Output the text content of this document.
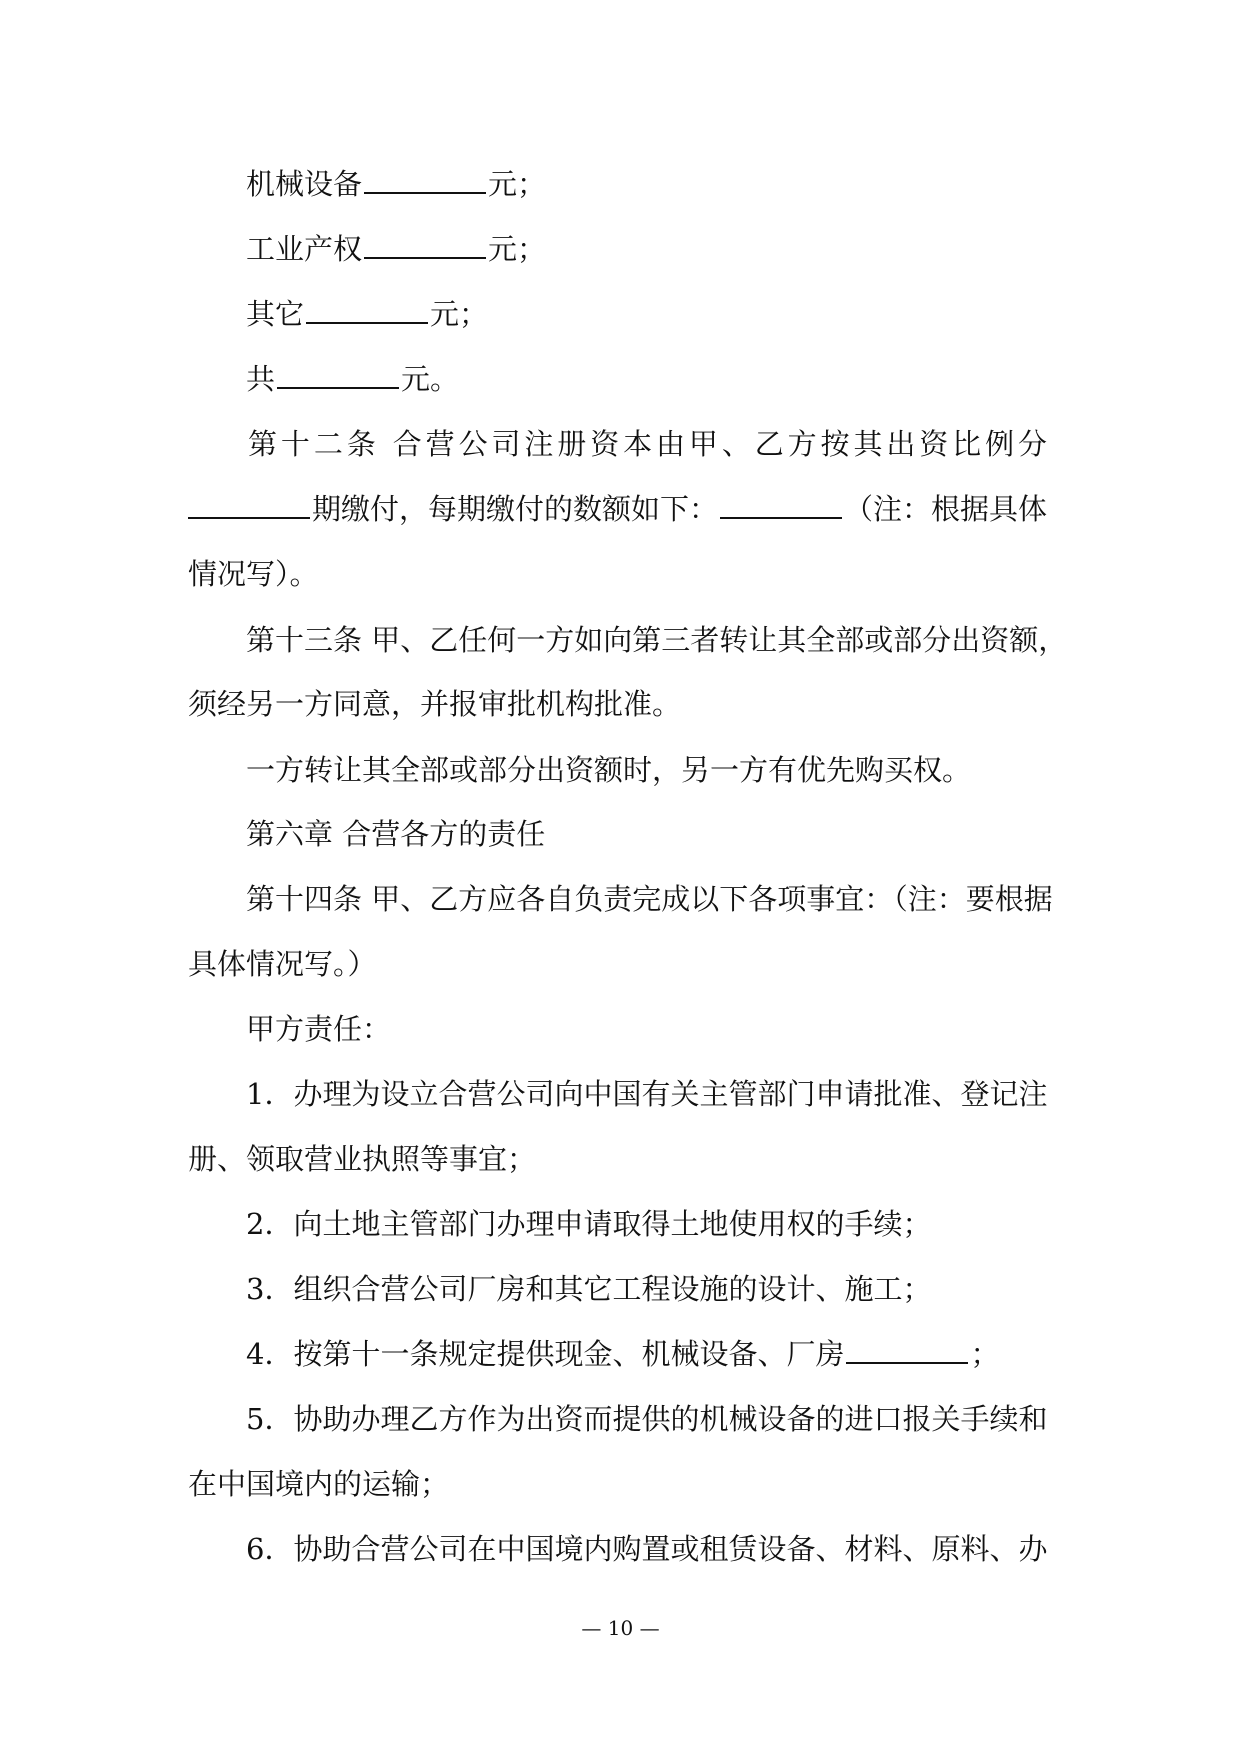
机械设备	元；
工业产权	元；
其它	元；
共	元。
第十二条 合营公司注册资本由甲、乙方按其出资比例分
期缴付，每期缴付的数额如下：	（注：根据具体
情况写）。
第十三条 甲、乙任何一方如向第三者转让其全部或部分出资额，
须经另一方同意，并报审批机构批准。
一方转让其全部或部分出资额时，另一方有优先购买权。
第六章 合营各方的责任
第十四条 甲、乙方应各自负责完成以下各项事宜：（注：要根据
具体情况写。）
甲方责任：
1．办理为设立合营公司向中国有关主管部门申请批准、登记注
册、领取营业执照等事宜；
2．向土地主管部门办理申请取得土地使用权的手续；
3．组织合营公司厂房和其它工程设施的设计、施工；
4．按第十一条规定提供现金、机械设备、厂房	；
5．协助办理乙方作为出资而提供的机械设备的进口报关手续和
在中国境内的运输；
6．协助合营公司在中国境内购置或租赁设备、材料、原料、办
— 10 —
